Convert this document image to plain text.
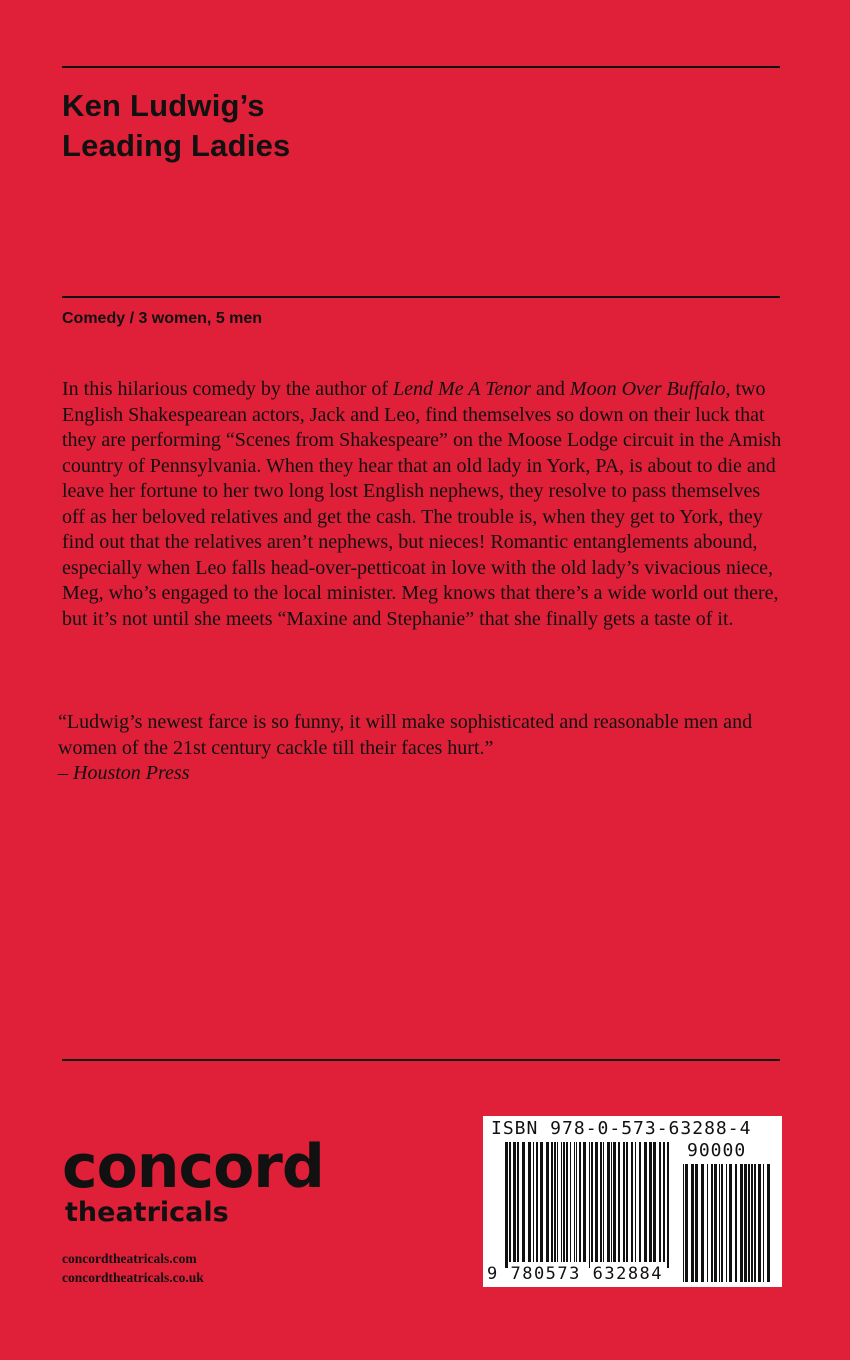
Ken Ludwig’s
Leading Ladies
Comedy / 3 women, 5 men

In this hilarious comedy by the author of Lend Me A Tenor and Moon Over Buffalo, two English Shakespearean actors, Jack and Leo, find themselves so down on their luck that they are performing “Scenes from Shakespeare” on the Moose Lodge circuit in the Amish country of Pennsylvania. When they hear that an old lady in York, PA, is about to die and leave her fortune to her two long lost English nephews, they resolve to pass themselves off as her beloved relatives and get the cash. The trouble is, when they get to York, they find out that the relatives aren’t nephews, but nieces! Romantic entanglements abound, especially when Leo falls head-over-petticoat in love with the old lady’s vivacious niece, Meg, who’s engaged to the local minister. Meg knows that there’s a wide world out there, but it’s not until she meets “Maxine and Stephanie” that she finally gets a taste of it.

“Ludwig’s newest farce is so funny, it will make sophisticated and reasonable men and women of the 21st century cackle till their faces hurt.”
– Houston Press

concord
theatricals
concordtheatricals.com
concordtheatricals.co.uk
ISBN 978-0-573-63288-4
90000
9 780573 632884
